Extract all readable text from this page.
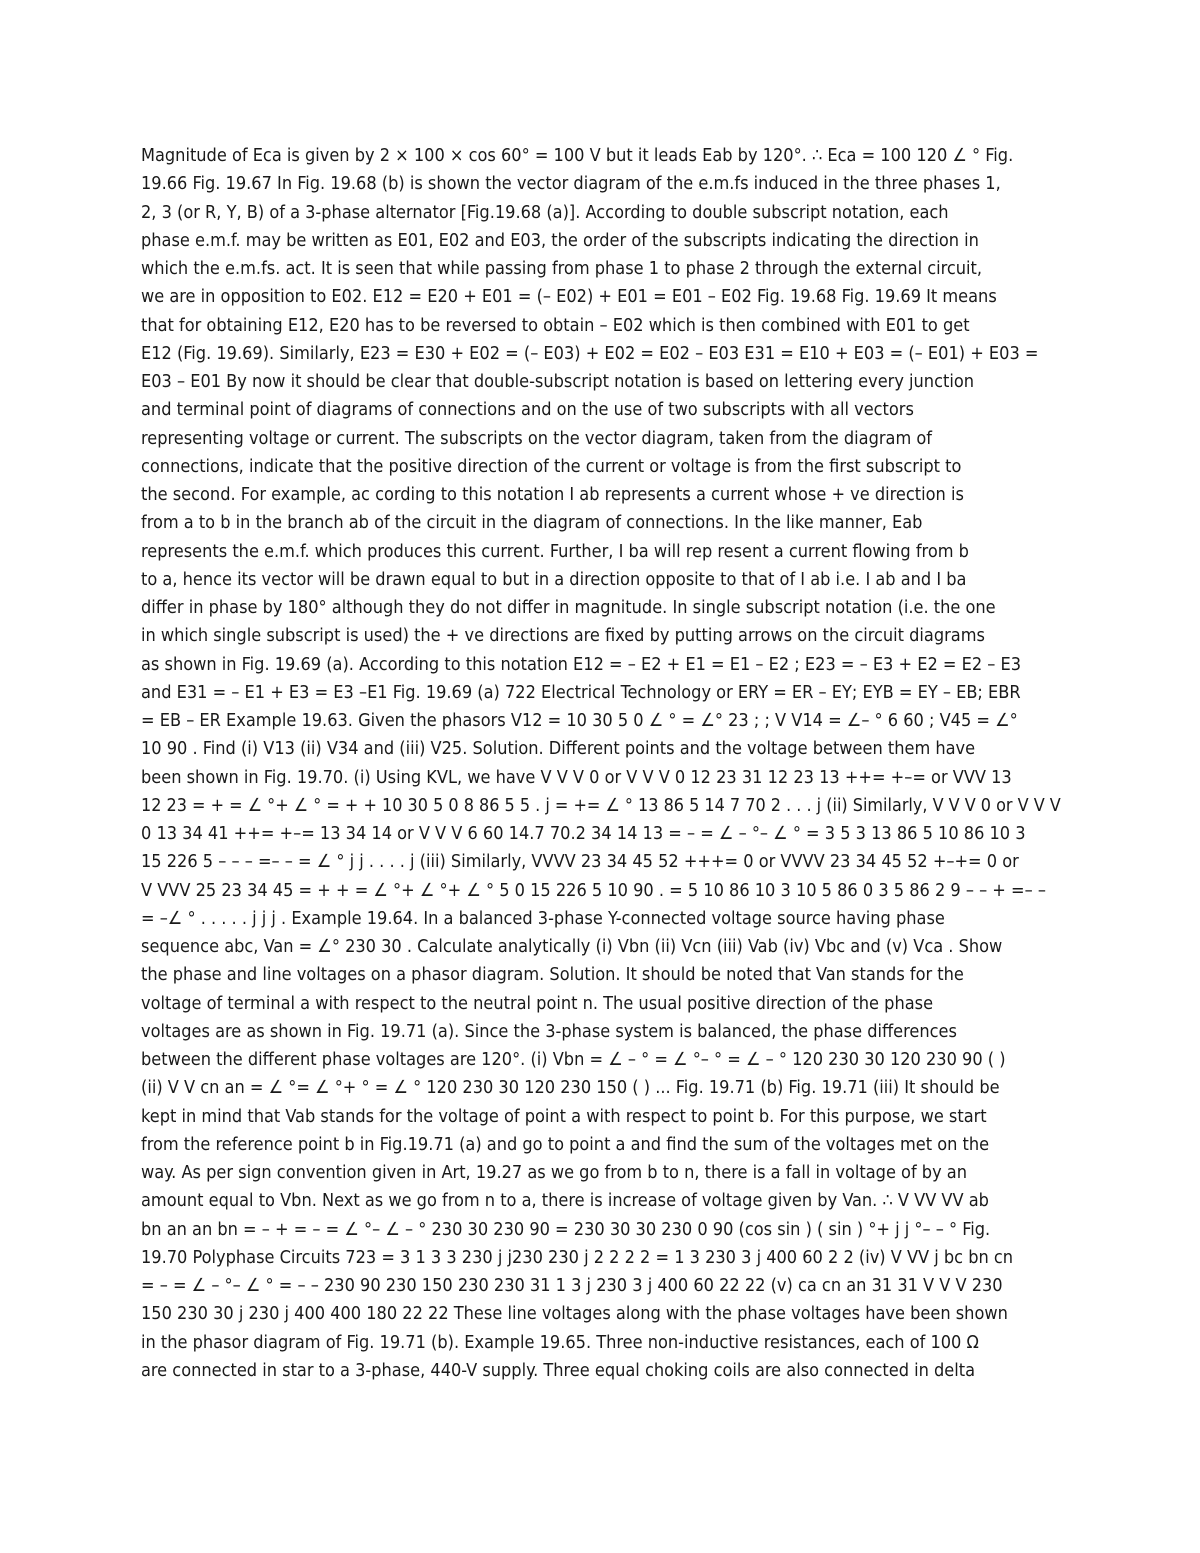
Magnitude of Eca is given by 2 × 100 × cos 60° = 100 V but it leads Eab by 120°. ∴ Eca = 100 120 ∠ ° Fig.
19.66 Fig. 19.67 In Fig. 19.68 (b) is shown the vector diagram of the e.m.fs induced in the three phases 1,
2, 3 (or R, Y, B) of a 3-phase alternator [Fig.19.68 (a)]. According to double subscript notation, each
phase e.m.f. may be written as E01, E02 and E03, the order of the subscripts indicating the direction in
which the e.m.fs. act. It is seen that while passing from phase 1 to phase 2 through the external circuit,
we are in opposition to E02. E12 = E20 + E01 = (– E02) + E01 = E01 – E02 Fig. 19.68 Fig. 19.69 It means
that for obtaining E12, E20 has to be reversed to obtain – E02 which is then combined with E01 to get
E12 (Fig. 19.69). Similarly, E23 = E30 + E02 = (– E03) + E02 = E02 – E03 E31 = E10 + E03 = (– E01) + E03 =
E03 – E01 By now it should be clear that double-subscript notation is based on lettering every junction
and terminal point of diagrams of connections and on the use of two subscripts with all vectors
representing voltage or current. The subscripts on the vector diagram, taken from the diagram of
connections, indicate that the positive direction of the current or voltage is from the first subscript to
the second. For example, ac cording to this notation I ab represents a current whose + ve direction is
from a to b in the branch ab of the circuit in the diagram of connections. In the like manner, Eab
represents the e.m.f. which produces this current. Further, I ba will rep resent a current flowing from b
to a, hence its vector will be drawn equal to but in a direction opposite to that of I ab i.e. I ab and I ba
differ in phase by 180° although they do not differ in magnitude. In single subscript notation (i.e. the one
in which single subscript is used) the + ve directions are fixed by putting arrows on the circuit diagrams
as shown in Fig. 19.69 (a). According to this notation E12 = – E2 + E1 = E1 – E2 ; E23 = – E3 + E2 = E2 – E3
and E31 = – E1 + E3 = E3 –E1 Fig. 19.69 (a) 722 Electrical Technology or ERY = ER – EY; EYB = EY – EB; EBR
= EB – ER Example 19.63. Given the phasors V12 = 10 30 5 0 ∠ ° = ∠° 23 ; ; V V14 = ∠– ° 6 60 ; V45 = ∠°
10 90 . Find (i) V13 (ii) V34 and (iii) V25. Solution. Different points and the voltage between them have
been shown in Fig. 19.70. (i) Using KVL, we have V V V 0 or V V V 0 12 23 31 12 23 13 ++= +–= or VVV 13
12 23 = + = ∠ °+ ∠ ° = + + 10 30 5 0 8 86 5 5 . j = += ∠ ° 13 86 5 14 7 70 2 . . . j (ii) Similarly, V V V 0 or V V V
0 13 34 41 ++= +–= 13 34 14 or V V V 6 60 14.7 70.2 34 14 13 = – = ∠ – °– ∠ ° = 3 5 3 13 86 5 10 86 10 3
15 226 5 – – – =– – = ∠ ° j j . . . . j (iii) Similarly, VVVV 23 34 45 52 +++= 0 or VVVV 23 34 45 52 +–+= 0 or
V VVV 25 23 34 45 = + + = ∠ °+ ∠ °+ ∠ ° 5 0 15 226 5 10 90 . = 5 10 86 10 3 10 5 86 0 3 5 86 2 9 – – + =– –
= –∠ ° . . . . . j j j . Example 19.64. In a balanced 3-phase Y-connected voltage source having phase
sequence abc, Van = ∠° 230 30 . Calculate analytically (i) Vbn (ii) Vcn (iii) Vab (iv) Vbc and (v) Vca . Show
the phase and line voltages on a phasor diagram. Solution. It should be noted that Van stands for the
voltage of terminal a with respect to the neutral point n. The usual positive direction of the phase
voltages are as shown in Fig. 19.71 (a). Since the 3-phase system is balanced, the phase differences
between the different phase voltages are 120°. (i) Vbn = ∠ – ° = ∠ °– ° = ∠ – ° 120 230 30 120 230 90 ( )
(ii) V V cn an = ∠ °= ∠ °+ ° = ∠ ° 120 230 30 120 230 150 ( ) ... Fig. 19.71 (b) Fig. 19.71 (iii) It should be
kept in mind that Vab stands for the voltage of point a with respect to point b. For this purpose, we start
from the reference point b in Fig.19.71 (a) and go to point a and find the sum of the voltages met on the
way. As per sign convention given in Art, 19.27 as we go from b to n, there is a fall in voltage of by an
amount equal to Vbn. Next as we go from n to a, there is increase of voltage given by Van. ∴ V VV VV ab
bn an an bn = – + = – = ∠ °– ∠ – ° 230 30 230 90 = 230 30 30 230 0 90 (cos sin ) ( sin ) °+ j j °– – ° Fig.
19.70 Polyphase Circuits 723 = 3 1 3 3 230 j j230 230 j 2 2 2 2 = 1 3 230 3 j 400 60 2 2 (iv) V VV j bc bn cn
= – = ∠ – °– ∠ ° = – – 230 90 230 150 230 230 31 1 3 j 230 3 j 400 60 22 22 (v) ca cn an 31 31 V V V 230
150 230 30 j 230 j 400 400 180 22 22 These line voltages along with the phase voltages have been shown
in the phasor diagram of Fig. 19.71 (b). Example 19.65. Three non-inductive resistances, each of 100 Ω
are connected in star to a 3-phase, 440-V supply. Three equal choking coils are also connected in delta
